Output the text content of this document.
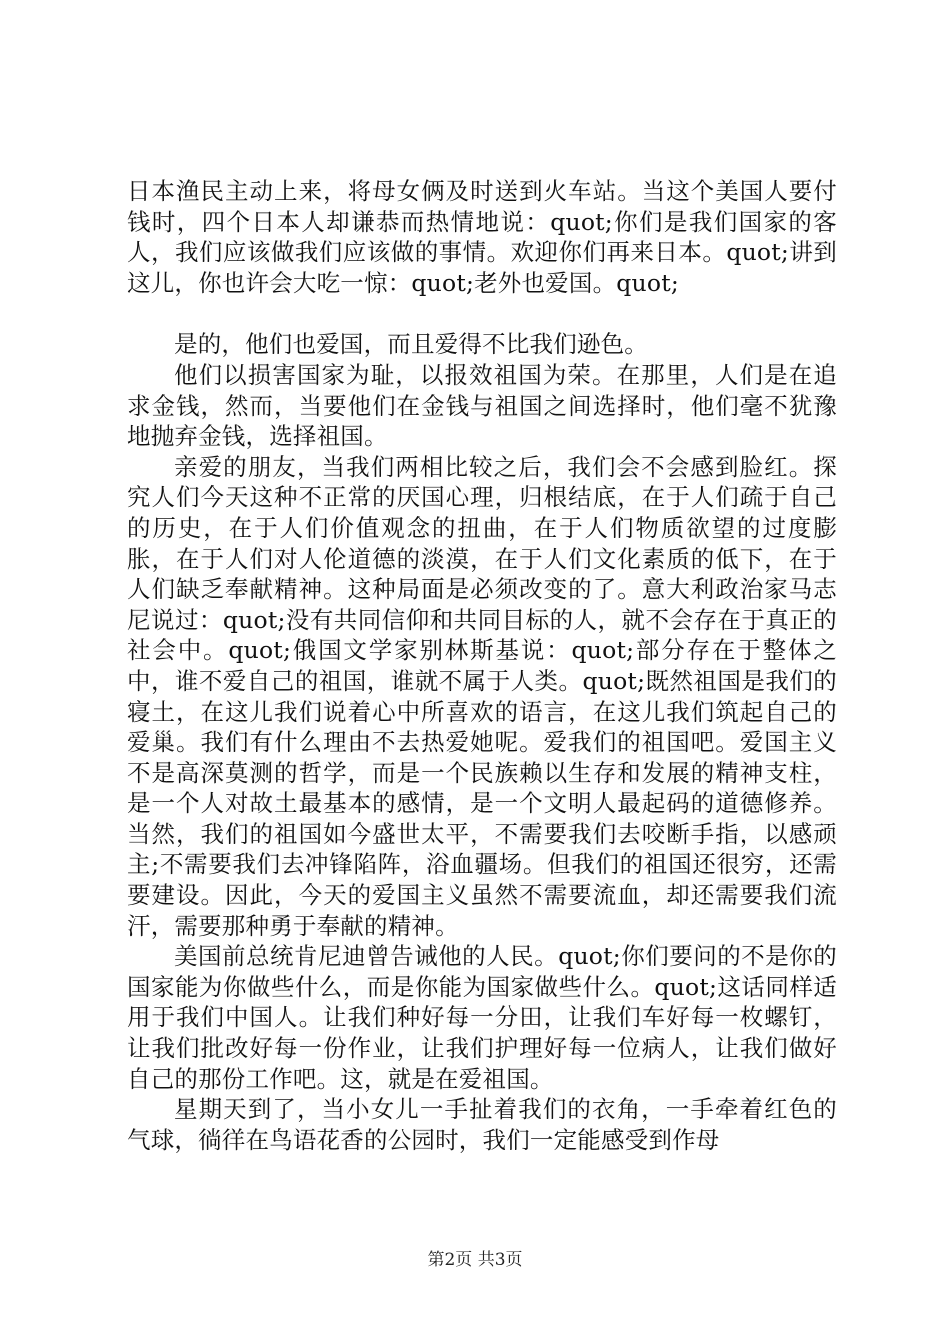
日本渔民主动上来，将母女俩及时送到火车站。当这个美国人要付钱时，四个日本人却谦恭而热情地说：quot;你们是我们国家的客人，我们应该做我们应该做的事情。欢迎你们再来日本。quot;讲到这儿，你也许会大吃一惊：quot;老外也爱国。quot;

是的，他们也爱国，而且爱得不比我们逊色。

他们以损害国家为耻，以报效祖国为荣。在那里，人们是在追求金钱，然而，当要他们在金钱与祖国之间选择时，他们毫不犹豫地抛弃金钱，选择祖国。

亲爱的朋友，当我们两相比较之后，我们会不会感到脸红。探究人们今天这种不正常的厌国心理，归根结底，在于人们疏于自己的历史，在于人们价值观念的扭曲，在于人们物质欲望的过度膨胀，在于人们对人伦道德的淡漠，在于人们文化素质的低下，在于人们缺乏奉献精神。这种局面是必须改变的了。意大利政治家马志尼说过：quot;没有共同信仰和共同目标的人，就不会存在于真正的社会中。quot;俄国文学家别林斯基说：quot;部分存在于整体之中，谁不爱自己的祖国，谁就不属于人类。quot;既然祖国是我们的寝土，在这儿我们说着心中所喜欢的语言，在这儿我们筑起自己的爱巢。我们有什么理由不去热爱她呢。爱我们的祖国吧。爱国主义不是高深莫测的哲学，而是一个民族赖以生存和发展的精神支柱，是一个人对故土最基本的感情，是一个文明人最起码的道德修养。当然，我们的祖国如今盛世太平，不需要我们去咬断手指，以感顽主;不需要我们去冲锋陷阵，浴血疆场。但我们的祖国还很穷，还需要建设。因此，今天的爱国主义虽然不需要流血，却还需要我们流汗，需要那种勇于奉献的精神。

美国前总统肯尼迪曾告诫他的人民。quot;你们要问的不是你的国家能为你做些什么，而是你能为国家做些什么。quot;这话同样适用于我们中国人。让我们种好每一分田，让我们车好每一枚螺钉，让我们批改好每一份作业，让我们护理好每一位病人，让我们做好自己的那份工作吧。这，就是在爱祖国。

星期天到了，当小女儿一手扯着我们的衣角，一手牵着红色的气球，徜徉在鸟语花香的公园时，我们一定能感受到作母

第2页 共3页
